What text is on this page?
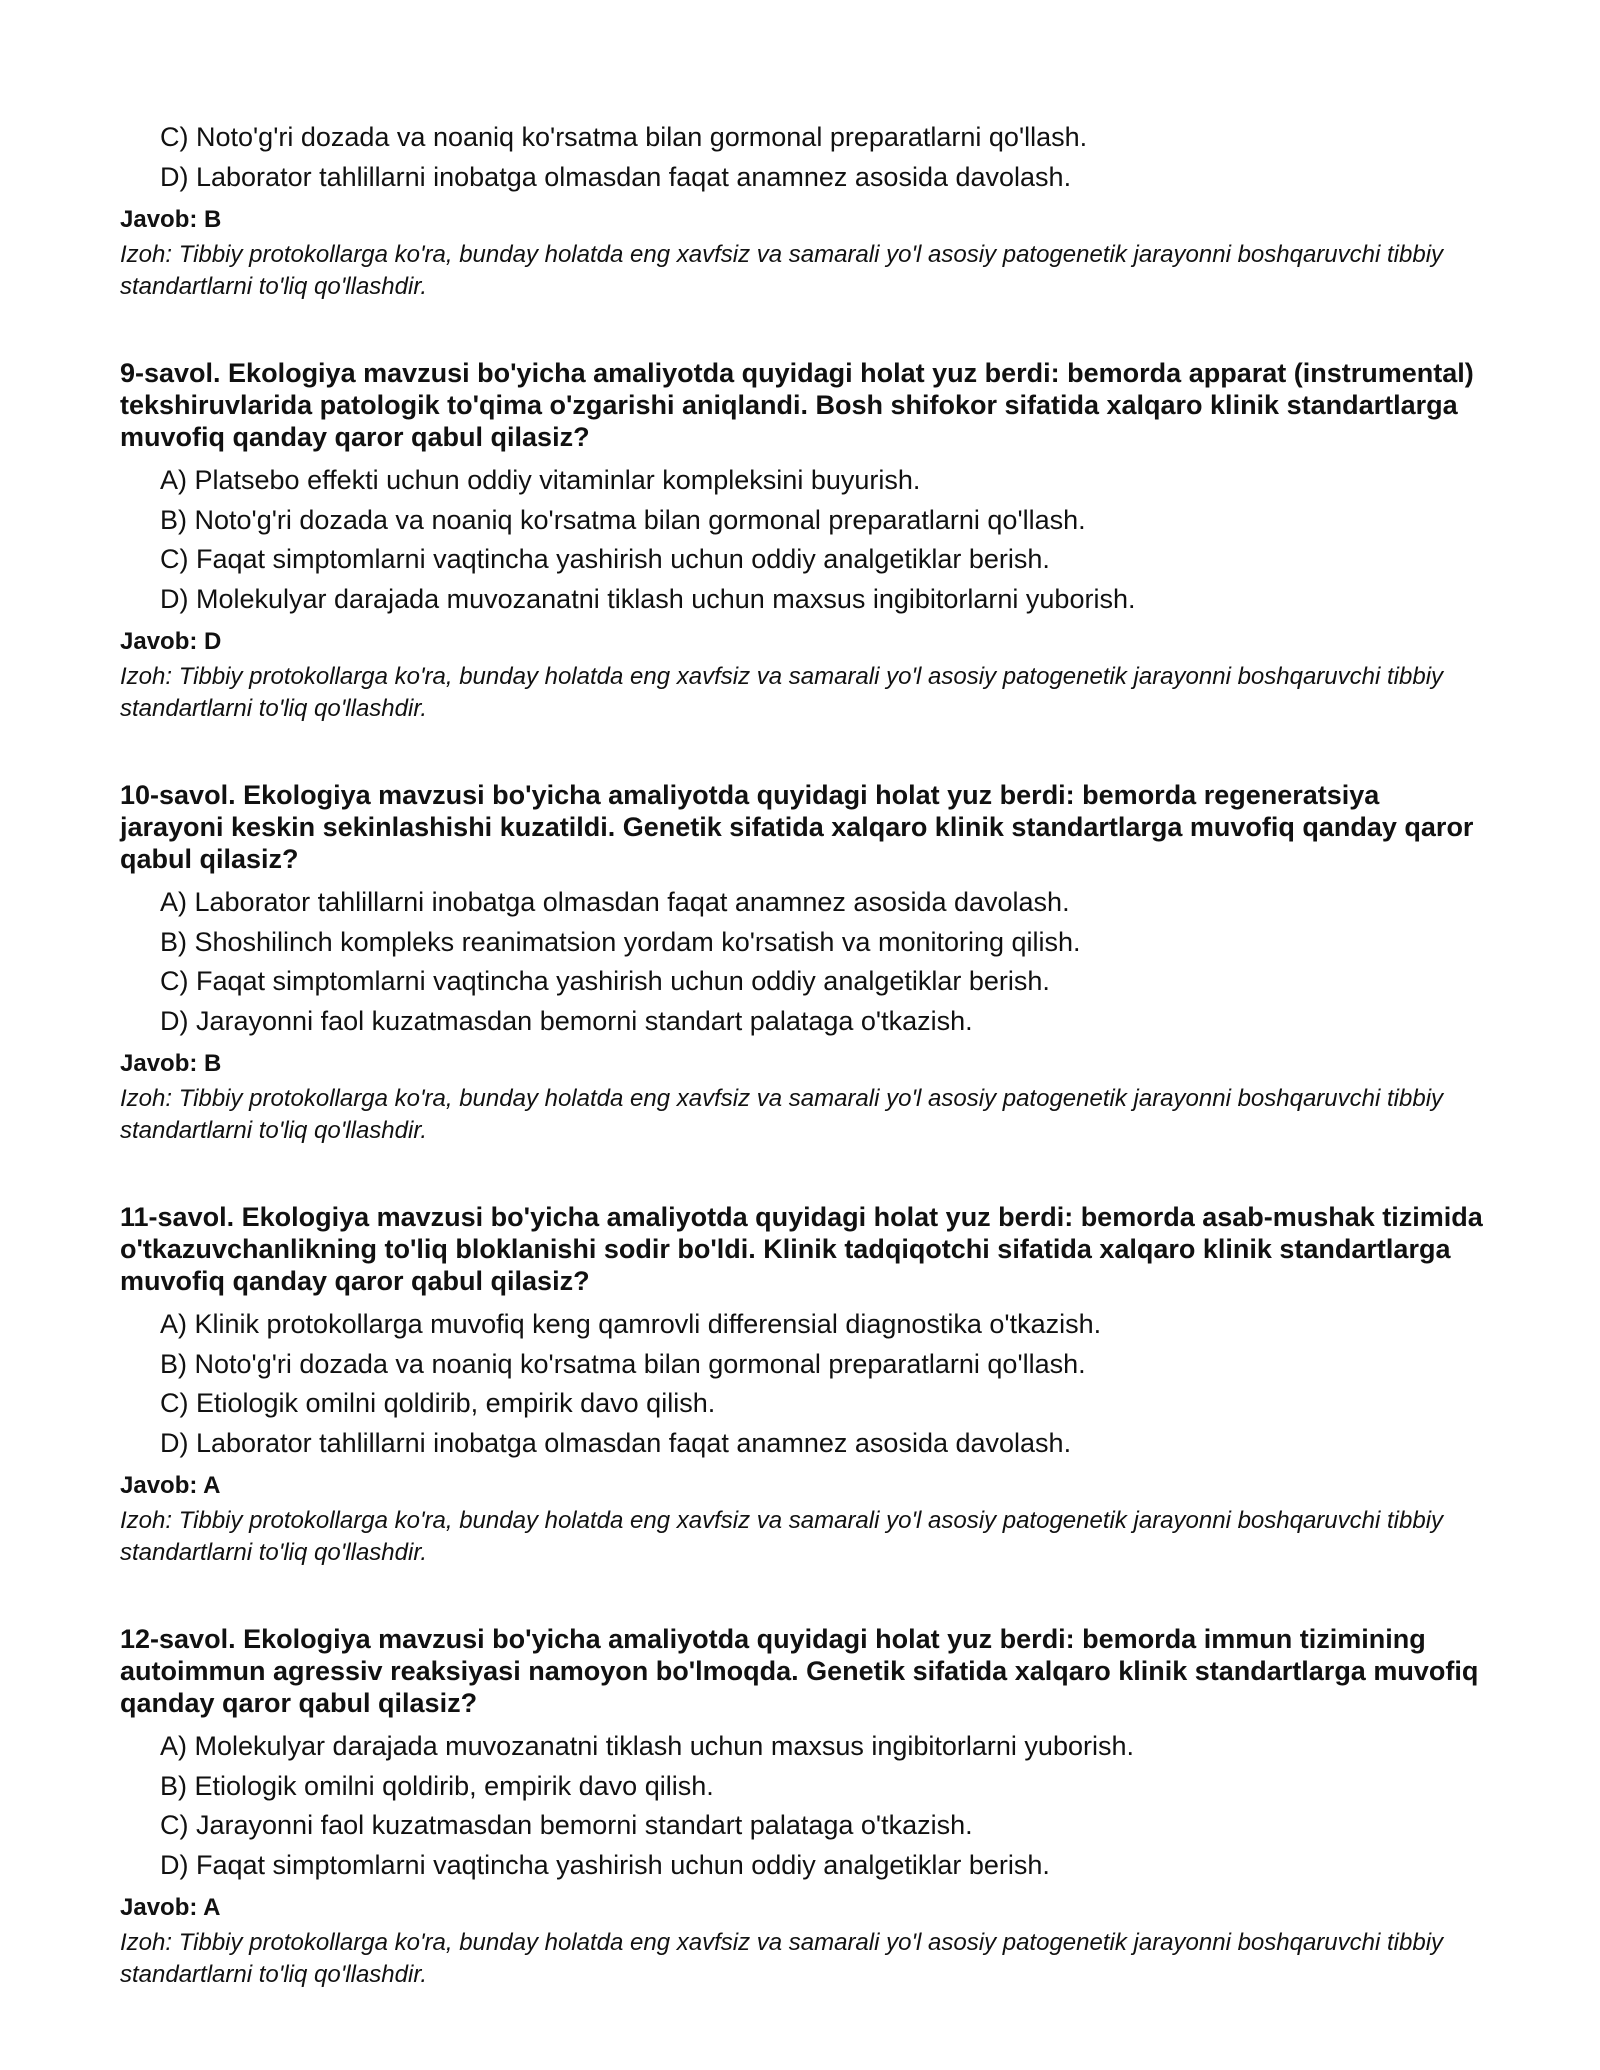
C) Noto'g'ri dozada va noaniq ko'rsatma bilan gormonal preparatlarni qo'llash.
D) Laborator tahlillarni inobatga olmasdan faqat anamnez asosida davolash.

Javob: B

Izoh: Tibbiy protokollarga ko'ra, bunday holatda eng xavfsiz va samarali yo'l asosiy patogenetik jarayonni boshqaruvchi tibbiy standartlarni to'liq qo'llashdir.

9-savol. Ekologiya mavzusi bo'yicha amaliyotda quyidagi holat yuz berdi: bemorda apparat (instrumental) tekshiruvlarida patologik to'qima o'zgarishi aniqlandi. Bosh shifokor sifatida xalqaro klinik standartlarga muvofiq qanday qaror qabul qilasiz?

A) Platsebo effekti uchun oddiy vitaminlar kompleksini buyurish.
B) Noto'g'ri dozada va noaniq ko'rsatma bilan gormonal preparatlarni qo'llash.
C) Faqat simptomlarni vaqtincha yashirish uchun oddiy analgetiklar berish.
D) Molekulyar darajada muvozanatni tiklash uchun maxsus ingibitorlarni yuborish.

Javob: D

Izoh: Tibbiy protokollarga ko'ra, bunday holatda eng xavfsiz va samarali yo'l asosiy patogenetik jarayonni boshqaruvchi tibbiy standartlarni to'liq qo'llashdir.

10-savol. Ekologiya mavzusi bo'yicha amaliyotda quyidagi holat yuz berdi: bemorda regeneratsiya jarayoni keskin sekinlashishi kuzatildi. Genetik sifatida xalqaro klinik standartlarga muvofiq qanday qaror qabul qilasiz?

A) Laborator tahlillarni inobatga olmasdan faqat anamnez asosida davolash.
B) Shoshilinch kompleks reanimatsion yordam ko'rsatish va monitoring qilish.
C) Faqat simptomlarni vaqtincha yashirish uchun oddiy analgetiklar berish.
D) Jarayonni faol kuzatmasdan bemorni standart palataga o'tkazish.

Javob: B

Izoh: Tibbiy protokollarga ko'ra, bunday holatda eng xavfsiz va samarali yo'l asosiy patogenetik jarayonni boshqaruvchi tibbiy standartlarni to'liq qo'llashdir.

11-savol. Ekologiya mavzusi bo'yicha amaliyotda quyidagi holat yuz berdi: bemorda asab-mushak tizimida o'tkazuvchanlikning to'liq bloklanishi sodir bo'ldi. Klinik tadqiqotchi sifatida xalqaro klinik standartlarga muvofiq qanday qaror qabul qilasiz?

A) Klinik protokollarga muvofiq keng qamrovli differensial diagnostika o'tkazish.
B) Noto'g'ri dozada va noaniq ko'rsatma bilan gormonal preparatlarni qo'llash.
C) Etiologik omilni qoldirib, empirik davo qilish.
D) Laborator tahlillarni inobatga olmasdan faqat anamnez asosida davolash.

Javob: A

Izoh: Tibbiy protokollarga ko'ra, bunday holatda eng xavfsiz va samarali yo'l asosiy patogenetik jarayonni boshqaruvchi tibbiy standartlarni to'liq qo'llashdir.

12-savol. Ekologiya mavzusi bo'yicha amaliyotda quyidagi holat yuz berdi: bemorda immun tizimining autoimmun agressiv reaksiyasi namoyon bo'lmoqda. Genetik sifatida xalqaro klinik standartlarga muvofiq qanday qaror qabul qilasiz?

A) Molekulyar darajada muvozanatni tiklash uchun maxsus ingibitorlarni yuborish.
B) Etiologik omilni qoldirib, empirik davo qilish.
C) Jarayonni faol kuzatmasdan bemorni standart palataga o'tkazish.
D) Faqat simptomlarni vaqtincha yashirish uchun oddiy analgetiklar berish.

Javob: A

Izoh: Tibbiy protokollarga ko'ra, bunday holatda eng xavfsiz va samarali yo'l asosiy patogenetik jarayonni boshqaruvchi tibbiy standartlarni to'liq qo'llashdir.
